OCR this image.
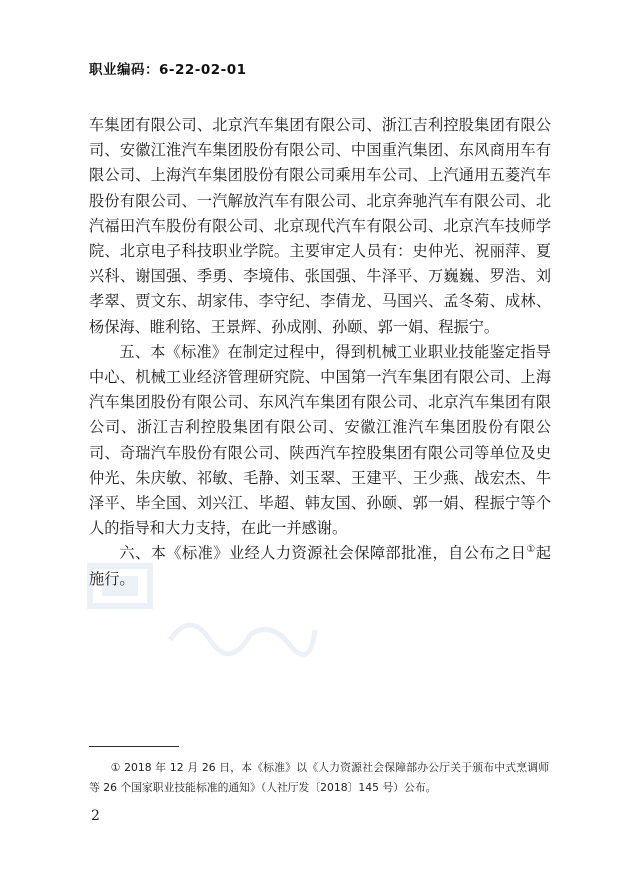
职业编码：6-22-02-01

车集团有限公司、北京汽车集团有限公司、浙江吉利控股集团有限公司、安徽江淮汽车集团股份有限公司、中国重汽集团、东风商用车有限公司、上海汽车集团股份有限公司乘用车公司、上汽通用五菱汽车股份有限公司、一汽解放汽车有限公司、北京奔驰汽车有限公司、北汽福田汽车股份有限公司、北京现代汽车有限公司、北京汽车技师学院、北京电子科技职业学院。主要审定人员有：史仲光、祝丽萍、夏兴科、谢国强、季勇、李境伟、张国强、牛泽平、万巍巍、罗浩、刘孝翠、贾文东、胡家伟、李守纪、李倩龙、马国兴、孟冬菊、成林、杨保海、睢利铭、王景辉、孙成刚、孙颐、郭一娟、程振宁。

五、本《标准》在制定过程中，得到机械工业职业技能鉴定指导中心、机械工业经济管理研究院、中国第一汽车集团有限公司、上海汽车集团股份有限公司、东风汽车集团有限公司、北京汽车集团有限公司、浙江吉利控股集团有限公司、安徽江淮汽车集团股份有限公司、奇瑞汽车股份有限公司、陕西汽车控股集团有限公司等单位及史仲光、朱庆敏、祁敏、毛静、刘玉翠、王建平、王少燕、战宏杰、牛泽平、毕全国、刘兴江、毕超、韩友国、孙颐、郭一娟、程振宁等个人的指导和大力支持，在此一并感谢。

六、本《标准》业经人力资源社会保障部批准，自公布之日①起施行。

① 2018 年 12 月 26 日，本《标准》以《人力资源社会保障部办公厅关于颁布中式烹调师等 26 个国家职业技能标准的通知》（人社厅发〔2018〕145 号）公布。
2
